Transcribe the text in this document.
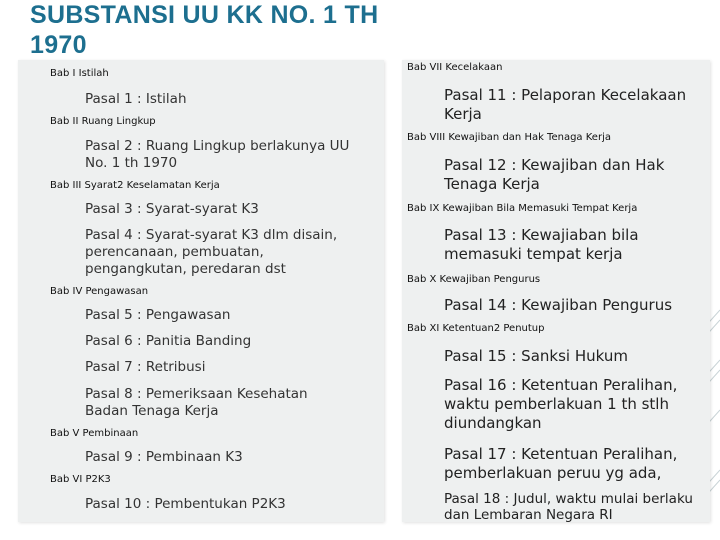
SUBSTANSI UU KK NO. 1 TH
1970
Bab I Istilah
Pasal 1 : Istilah
Bab II Ruang Lingkup
Pasal 2 : Ruang Lingkup berlakunya UU
No. 1 th 1970
Bab III Syarat2 Keselamatan Kerja
Pasal 3 : Syarat-syarat K3
Pasal 4 : Syarat-syarat K3 dlm disain,
perencanaan, pembuatan,
pengangkutan, peredaran dst
Bab IV Pengawasan
Pasal 5 : Pengawasan
Pasal 6 : Panitia Banding
Pasal 7 : Retribusi
Pasal 8 : Pemeriksaan Kesehatan
Badan Tenaga Kerja
Bab V Pembinaan
Pasal 9 : Pembinaan K3
Bab VI P2K3
Pasal 10 : Pembentukan P2K3
Bab VII Kecelakaan
Pasal 11 : Pelaporan Kecelakaan
Kerja
Bab VIII Kewajiban dan Hak Tenaga Kerja
Pasal 12 : Kewajiban dan Hak
Tenaga Kerja
Bab IX Kewajiban Bila Memasuki Tempat Kerja
Pasal 13 : Kewajiaban bila
memasuki tempat kerja
Bab X Kewajiban Pengurus
Pasal 14 : Kewajiban Pengurus
Bab XI Ketentuan2 Penutup
Pasal 15 : Sanksi Hukum
Pasal 16 : Ketentuan Peralihan,
waktu pemberlakuan 1 th stlh
diundangkan
Pasal 17 : Ketentuan Peralihan,
pemberlakuan peruu yg ada,
Pasal 18 : Judul, waktu mulai berlaku
dan Lembaran Negara RI
